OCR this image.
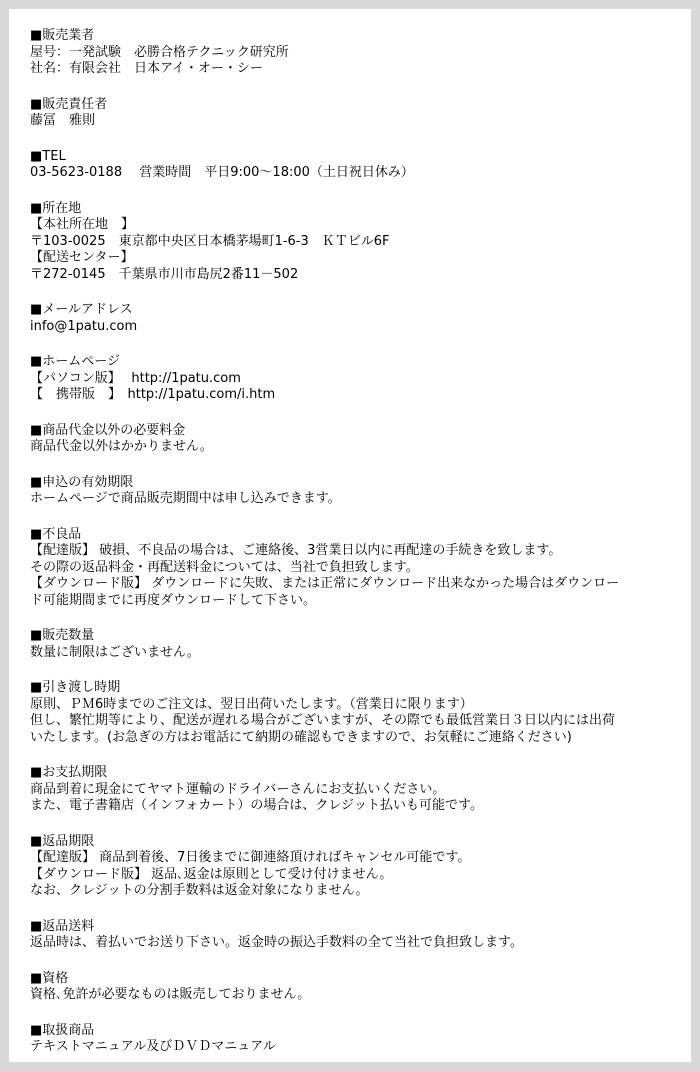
■販売業者
屋号：一発試験　必勝合格テクニック研究所
社名：有限会社　日本アイ・オー・シー
■販売責任者
藤冨　雅則
■TEL
03-5623-0188　 営業時間　平日9:00〜18:00（土日祝日休み）
■所在地
【本社所在地　】
〒103-0025　東京都中央区日本橋茅場町1-6-3　ＫＴビル6F
【配送センター】
〒272-0145　千葉県市川市島尻2番11－502
■メールアドレス
info@1patu.com
■ホームページ
【パソコン版】　 http://1patu.com
【　携帯版　】　http://1patu.com/i.htm
■商品代金以外の必要料金
商品代金以外はかかりません。
■申込の有効期限
ホームページで商品販売期間中は申し込みできます。
■不良品
【配達版】 破損、不良品の場合は、ご連絡後、3営業日以内に再配達の手続きを致します。
その際の返品料金・再配送料金については、当社で負担致します。
【ダウンロード版】 ダウンロードに失敗、または正常にダウンロード出来なかった場合はダウンロー
ド可能期間までに再度ダウンロードして下さい。
■販売数量
数量に制限はございません。
■引き渡し時期
原則、ＰＭ6時までのご注文は、翌日出荷いたします。（営業日に限ります）
但し、繁忙期等により、配送が遅れる場合がございますが、その際でも最低営業日３日以内には出荷
いたします。(お急ぎの方はお電話にて納期の確認もできますので、お気軽にご連絡ください)
■お支払期限
商品到着に現金にてヤマト運輸のドライバーさんにお支払いください。
また、電子書籍店（インフォカート）の場合は、クレジット払いも可能です。
■返品期限
【配達版】 商品到着後、7日後までに御連絡頂ければキャンセル可能です。
【ダウンロード版】 返品､返金は原則として受け付けません。
なお、クレジットの分割手数料は返金対象になりません。
■返品送料
返品時は、着払いでお送り下さい。返金時の振込手数料の全て当社で負担致します。
■資格
資格､免許が必要なものは販売しておりません。
■取扱商品
テキストマニュアル及びＤＶＤマニュアル
